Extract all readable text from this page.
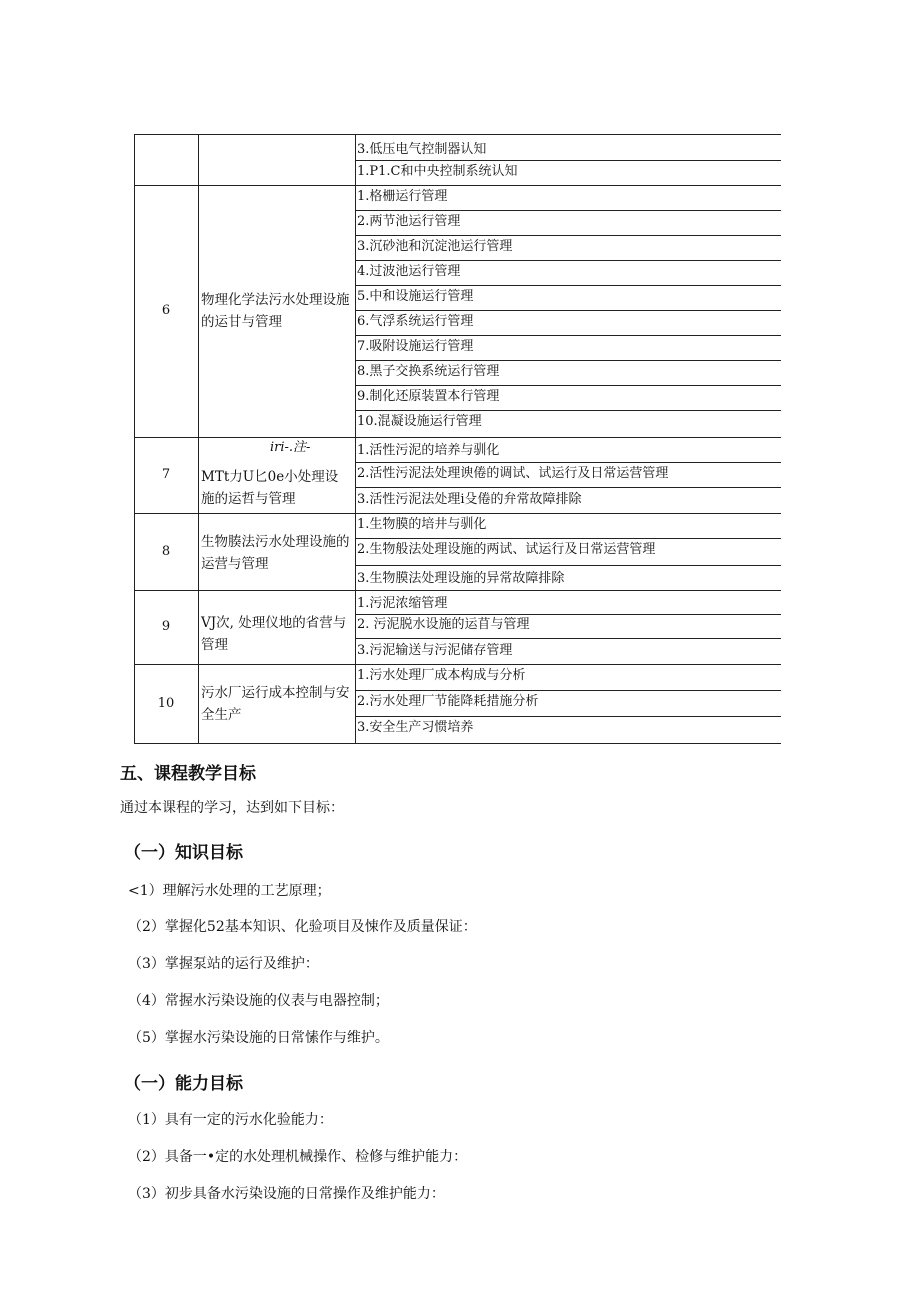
3.低压电气控制器认知
1.P1.C和中央控制系统认知
6
物理化学法污水处理设施的运甘与管理
1.格栅运行管理
2.两节池运行管理
3.沉砂池和沉淀池运行管理
4.过波池运行管理
5.中和设施运行管理
6.气浮系统运行管理
7.吸附设施运行管理
8.黑子交换系统运行管理
9.制化还原装置本行管理
10.混凝设施运行管理
7
iri-.注-
MTt力U匕0e小处理设施的运哲与管理
1.活性污泥的培养与驯化
2.活性污泥法处理谀倦的调试、试运行及日常运营管理
3.活性污泥法处理i殳倦的弁常故障排除
8
生物腠法污水处理设施的运营与管理
1.生物膜的培井与驯化
2.生物般法处理设施的两试、试运行及日常运营管理
3.生物膜法处理设施的异常故障排除
9	VJ次, 处理仪地的省营与管理
1.污泥浓缩管理
2. 污泥脱水设施的运苜与管理
3.污泥输送与污泥储存管理
10
污水厂运行成本控制与安全生产
1.污水处理厂成本构成与分析
2.污水处理厂节能降耗措施分析
3.安全生产习惯培养
五、课程教学目标
通过本课程的学习，达到如下目标：
（一）知识目标
<1）理解污水处理的工艺原理；
（2）掌握化52基本知识、化验项目及悚作及质量保证：
（3）掌握泵站的运行及维护：
（4）常握水污染设施的仪表与电器控制；
（5）掌握水污染设施的日常愫作与维护。
（一）能力目标
（1）具有一定的污水化验能力：
（2）具备一•定的水处理机械操作、检修与维护能力：
（3）初步具备水污染设施的日常操作及维护能力：
